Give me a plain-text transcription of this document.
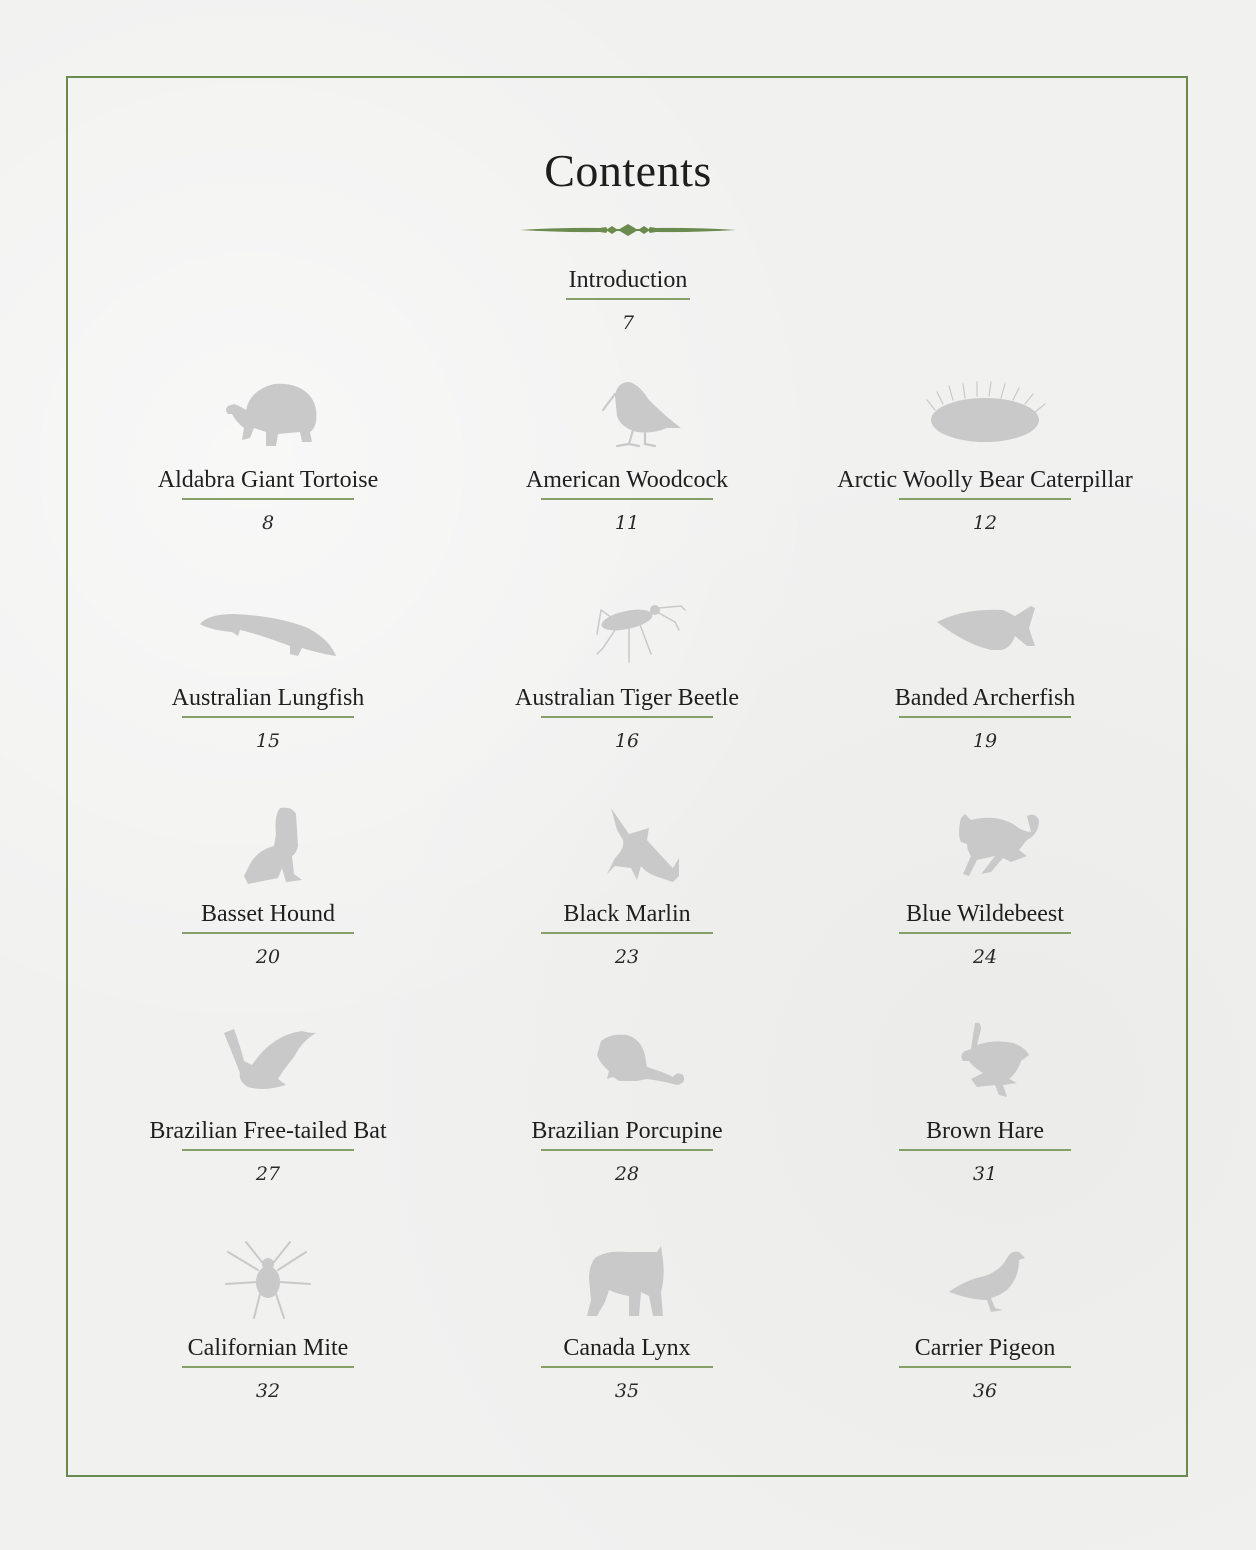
Contents
Introduction
7
Aldabra Giant Tortoise
8
American Woodcock
11
Arctic Woolly Bear Caterpillar
12
Australian Lungfish
15
Australian Tiger Beetle
16
Banded Archerfish
19
Basset Hound
20
Black Marlin
23
Blue Wildebeest
24
Brazilian Free-tailed Bat
27
Brazilian Porcupine
28
Brown Hare
31
Californian Mite
32
Canada Lynx
35
Carrier Pigeon
36
